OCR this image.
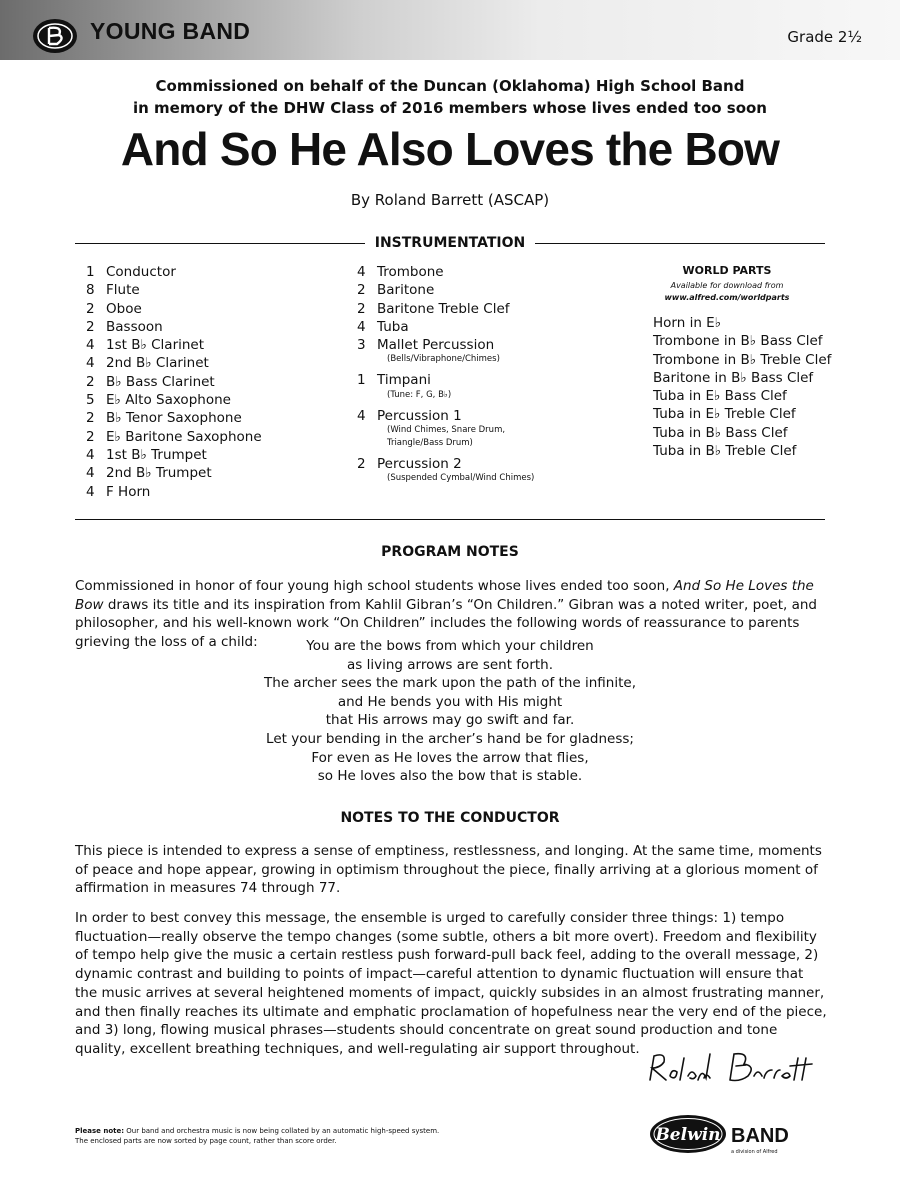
YOUNG BAND	Grade 2½
Commissioned on behalf of the Duncan (Oklahoma) High School Band
in memory of the DHW Class of 2016 members whose lives ended too soon
And So He Also Loves the Bow
By Roland Barrett (ASCAP)
INSTRUMENTATION
1 Conductor
8 Flute
2 Oboe
2 Bassoon
4 1st B♭ Clarinet
4 2nd B♭ Clarinet
2 B♭ Bass Clarinet
5 E♭ Alto Saxophone
2 B♭ Tenor Saxophone
2 E♭ Baritone Saxophone
4 1st B♭ Trumpet
4 2nd B♭ Trumpet
4 F Horn
4 Trombone
2 Baritone
2 Baritone Treble Clef
4 Tuba
3 Mallet Percussion
(Bells/Vibraphone/Chimes)
1 Timpani
(Tune: F, G, B♭)
4 Percussion 1
(Wind Chimes, Snare Drum,
Triangle/Bass Drum)
2 Percussion 2
(Suspended Cymbal/Wind Chimes)
WORLD PARTS
Available for download from
www.alfred.com/worldparts
Horn in E♭
Trombone in B♭ Bass Clef
Trombone in B♭ Treble Clef
Baritone in B♭ Bass Clef
Tuba in E♭ Bass Clef
Tuba in E♭ Treble Clef
Tuba in B♭ Bass Clef
Tuba in B♭ Treble Clef
PROGRAM NOTES
Commissioned in honor of four young high school students whose lives ended too soon, And So He Loves the Bow draws its title and its inspiration from Kahlil Gibran’s “On Children.” Gibran was a noted writer, poet, and philosopher, and his well-known work “On Children” includes the following words of reassurance to parents grieving the loss of a child:	You are the bows from which your children
as living arrows are sent forth.
The archer sees the mark upon the path of the infinite,
and He bends you with His might
that His arrows may go swift and far.
Let your bending in the archer’s hand be for gladness;
For even as He loves the arrow that flies,
so He loves also the bow that is stable.
NOTES TO THE CONDUCTOR
This piece is intended to express a sense of emptiness, restlessness, and longing. At the same time, moments of peace and hope appear, growing in optimism throughout the piece, finally arriving at a glorious moment of affirmation in measures 74 through 77.
In order to best convey this message, the ensemble is urged to carefully consider three things: 1) tempo fluctuation—really observe the tempo changes (some subtle, others a bit more overt). Freedom and flexibility of tempo help give the music a certain restless push forward-pull back feel, adding to the overall message, 2) dynamic contrast and building to points of impact—careful attention to dynamic fluctuation will ensure that the music arrives at several heightened moments of impact, quickly subsides in an almost frustrating manner, and then finally reaches its ultimate and emphatic proclamation of hopefulness near the very end of the piece, and 3) long, flowing musical phrases—students should concentrate on great sound production and tone quality, excellent breathing techniques, and well-regulating air support throughout.
Please note: Our band and orchestra music is now being collated by an automatic high-speed system.
The enclosed parts are now sorted by page count, rather than score order.	Belwin BAND
a division of Alfred
